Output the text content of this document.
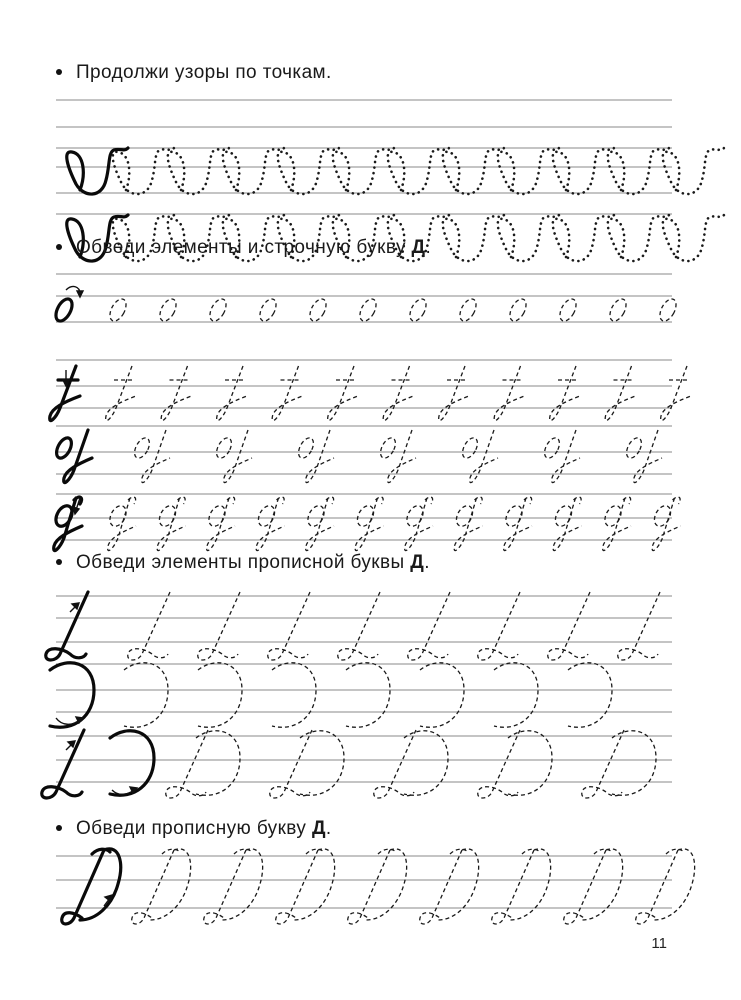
Продолжи узоры по точкам.
Обведи элементы и строчную букву Д.
Обведи элементы прописной буквы Д.
Обведи прописную букву Д.
11
